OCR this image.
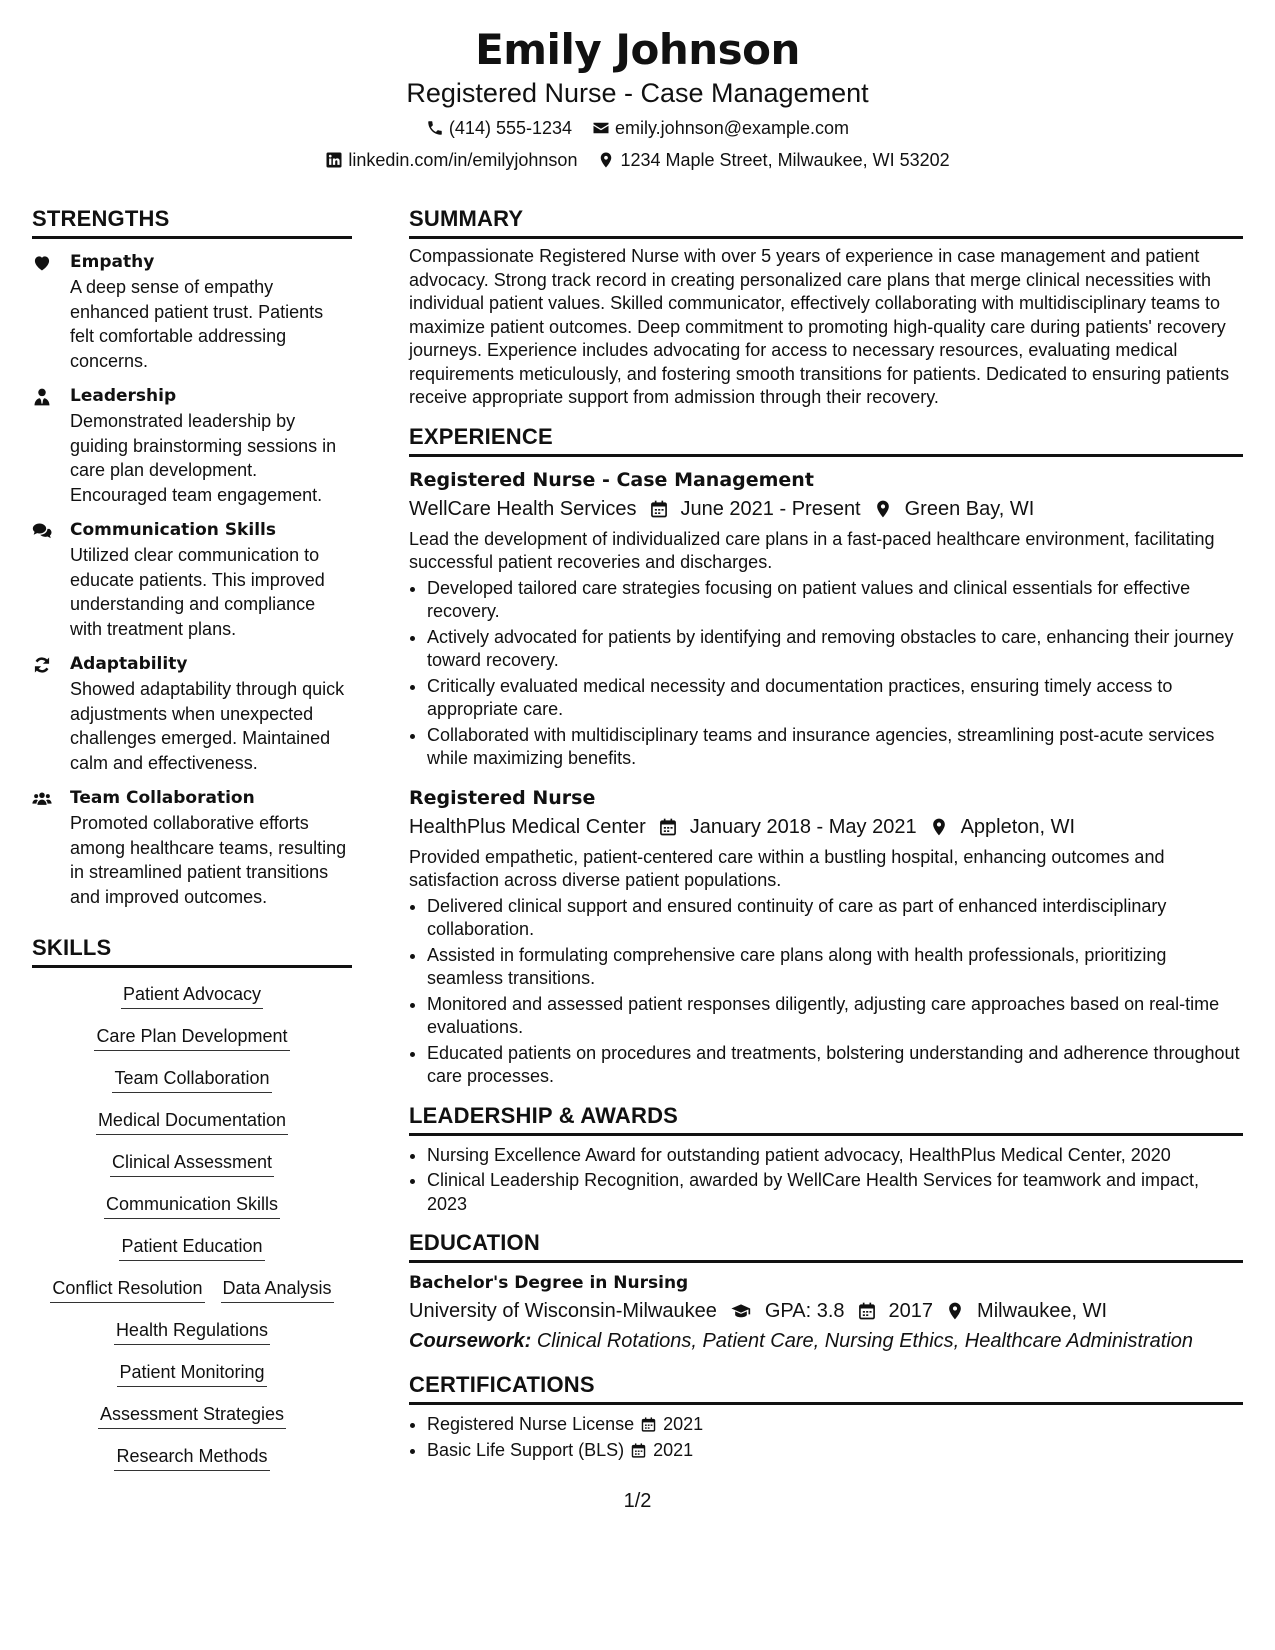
Emily Johnson
Registered Nurse - Case Management
(414) 555-1234 emily.johnson@example.com
linkedin.com/in/emilyjohnson 1234 Maple Street, Milwaukee, WI 53202
STRENGTHS
Empathy
A deep sense of empathy enhanced patient trust. Patients felt comfortable addressing concerns.
Leadership
Demonstrated leadership by guiding brainstorming sessions in care plan development. Encouraged team engagement.
Communication Skills
Utilized clear communication to educate patients. This improved understanding and compliance with treatment plans.
Adaptability
Showed adaptability through quick adjustments when unexpected challenges emerged. Maintained calm and effectiveness.
Team Collaboration
Promoted collaborative efforts among healthcare teams, resulting in streamlined patient transitions and improved outcomes.
SKILLS
Patient Advocacy
Care Plan Development
Team Collaboration
Medical Documentation
Clinical Assessment
Communication Skills
Patient Education
Conflict Resolution Data Analysis
Health Regulations
Patient Monitoring
Assessment Strategies
Research Methods
SUMMARY
Compassionate Registered Nurse with over 5 years of experience in case management and patient advocacy. Strong track record in creating personalized care plans that merge clinical necessities with individual patient values. Skilled communicator, effectively collaborating with multidisciplinary teams to maximize patient outcomes. Deep commitment to promoting high-quality care during patients' recovery journeys. Experience includes advocating for access to necessary resources, evaluating medical requirements meticulously, and fostering smooth transitions for patients. Dedicated to ensuring patients receive appropriate support from admission through their recovery.
EXPERIENCE
Registered Nurse - Case Management
WellCare Health Services June 2021 - Present Green Bay, WI
Lead the development of individualized care plans in a fast-paced healthcare environment, facilitating successful patient recoveries and discharges.
• Developed tailored care strategies focusing on patient values and clinical essentials for effective recovery.
• Actively advocated for patients by identifying and removing obstacles to care, enhancing their journey toward recovery.
• Critically evaluated medical necessity and documentation practices, ensuring timely access to appropriate care.
• Collaborated with multidisciplinary teams and insurance agencies, streamlining post-acute services while maximizing benefits.
Registered Nurse
HealthPlus Medical Center January 2018 - May 2021 Appleton, WI
Provided empathetic, patient-centered care within a bustling hospital, enhancing outcomes and satisfaction across diverse patient populations.
• Delivered clinical support and ensured continuity of care as part of enhanced interdisciplinary collaboration.
• Assisted in formulating comprehensive care plans along with health professionals, prioritizing seamless transitions.
• Monitored and assessed patient responses diligently, adjusting care approaches based on real-time evaluations.
• Educated patients on procedures and treatments, bolstering understanding and adherence throughout care processes.
LEADERSHIP & AWARDS
• Nursing Excellence Award for outstanding patient advocacy, HealthPlus Medical Center, 2020
• Clinical Leadership Recognition, awarded by WellCare Health Services for teamwork and impact, 2023
EDUCATION
Bachelor's Degree in Nursing
University of Wisconsin-Milwaukee GPA: 3.8 2017 Milwaukee, WI
Coursework: Clinical Rotations, Patient Care, Nursing Ethics, Healthcare Administration
CERTIFICATIONS
• Registered Nurse License 2021
• Basic Life Support (BLS) 2021
1/2
